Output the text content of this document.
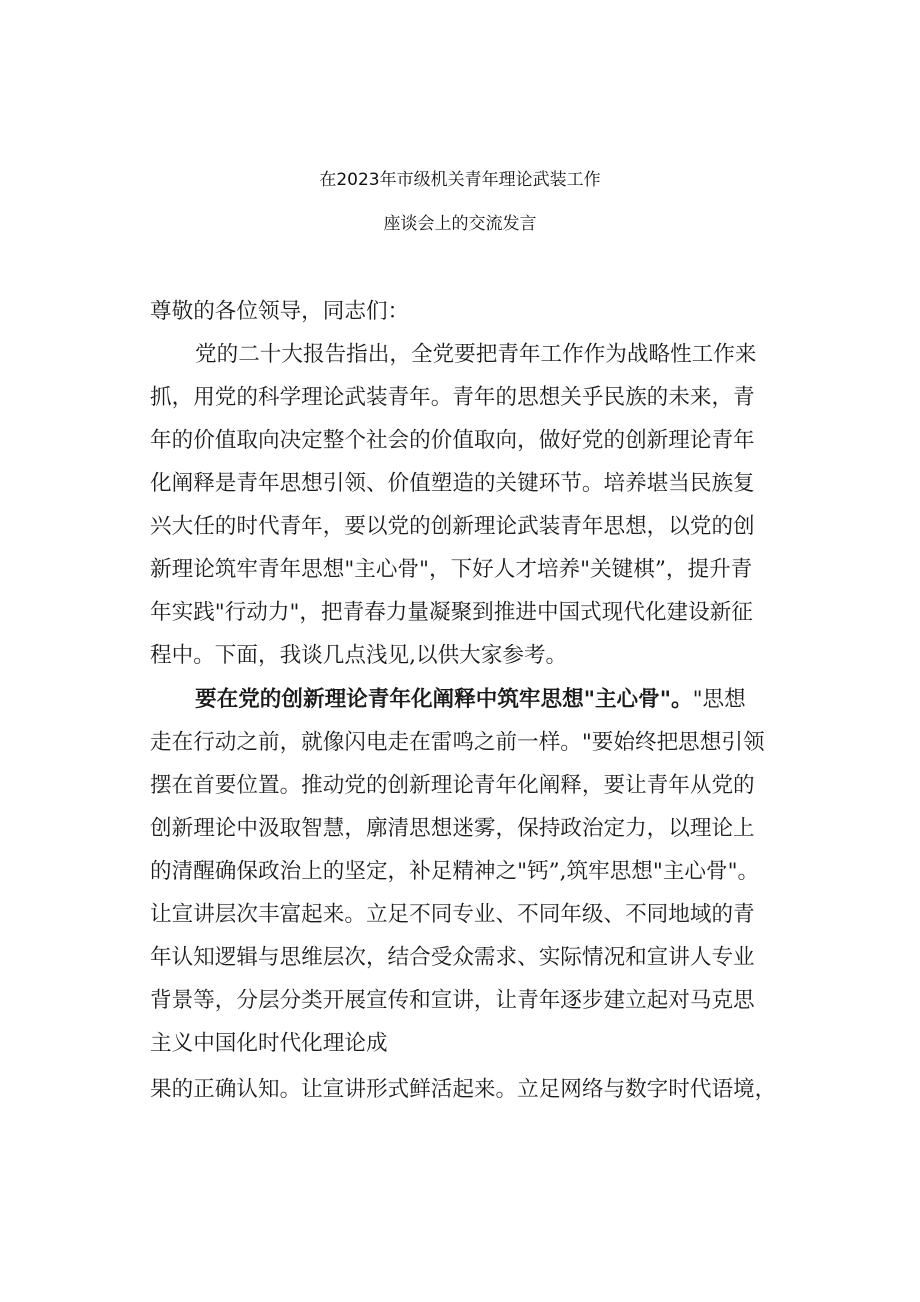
在2023年市级机关青年理论武装工作
座谈会上的交流发言
尊敬的各位领导，同志们：
党的二十大报告指出，全党要把青年工作作为战略性工作来
抓，用党的科学理论武装青年。青年的思想关乎民族的未来，青
年的价值取向决定整个社会的价值取向，做好党的创新理论青年
化阐释是青年思想引领、价值塑造的关键环节。培养堪当民族复
兴大任的时代青年，要以党的创新理论武装青年思想，以党的创
新理论筑牢青年思想"主心骨"，下好人才培养"关键棋”，提升青
年实践"行动力"，把青春力量凝聚到推进中国式现代化建设新征
程中。下面，我谈几点浅见,以供大家参考。
要在党的创新理论青年化阐释中筑牢思想"主心骨"。"思想
走在行动之前，就像闪电走在雷鸣之前一样。"要始终把思想引领
摆在首要位置。推动党的创新理论青年化阐释，要让青年从党的
创新理论中汲取智慧，廓清思想迷雾，保持政治定力，以理论上
的清醒确保政治上的坚定，补足精神之"钙”,筑牢思想"主心骨"。
让宣讲层次丰富起来。立足不同专业、不同年级、不同地域的青
年认知逻辑与思维层次，结合受众需求、实际情况和宣讲人专业
背景等，分层分类开展宣传和宣讲，让青年逐步建立起对马克思
主义中国化时代化理论成
果的正确认知。让宣讲形式鲜活起来。立足网络与数字时代语境，
